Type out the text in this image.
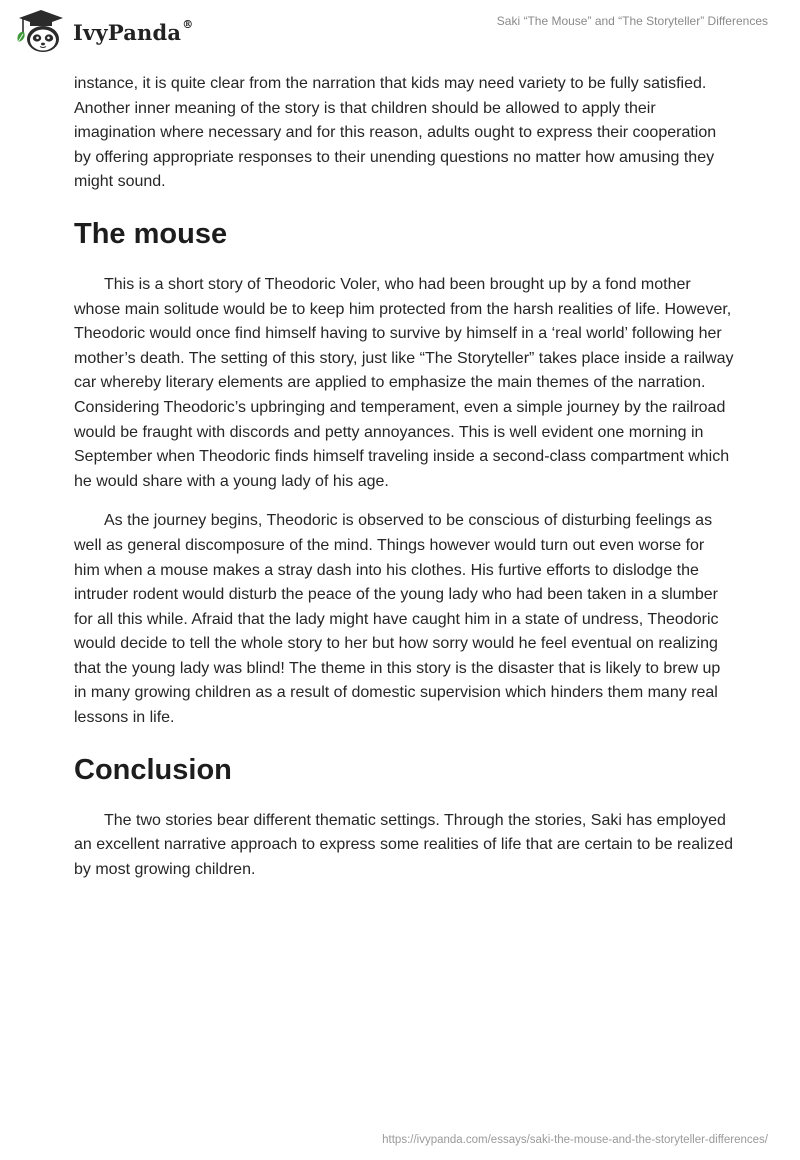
IvyPanda®	Saki “The Mouse” and “The Storyteller” Differences

instance, it is quite clear from the narration that kids may need variety to be fully satisfied. Another inner meaning of the story is that children should be allowed to apply their imagination where necessary and for this reason, adults ought to express their cooperation by offering appropriate responses to their unending questions no matter how amusing they might sound.

The mouse

This is a short story of Theodoric Voler, who had been brought up by a fond mother whose main solitude would be to keep him protected from the harsh realities of life. However, Theodoric would once find himself having to survive by himself in a ‘real world’ following her mother’s death. The setting of this story, just like “The Storyteller” takes place inside a railway car whereby literary elements are applied to emphasize the main themes of the narration. Considering Theodoric’s upbringing and temperament, even a simple journey by the railroad would be fraught with discords and petty annoyances. This is well evident one morning in September when Theodoric finds himself traveling inside a second-class compartment which he would share with a young lady of his age.

As the journey begins, Theodoric is observed to be conscious of disturbing feelings as well as general discomposure of the mind. Things however would turn out even worse for him when a mouse makes a stray dash into his clothes. His furtive efforts to dislodge the intruder rodent would disturb the peace of the young lady who had been taken in a slumber for all this while. Afraid that the lady might have caught him in a state of undress, Theodoric would decide to tell the whole story to her but how sorry would he feel eventual on realizing that the young lady was blind! The theme in this story is the disaster that is likely to brew up in many growing children as a result of domestic supervision which hinders them many real lessons in life.

Conclusion

The two stories bear different thematic settings. Through the stories, Saki has employed an excellent narrative approach to express some realities of life that are certain to be realized by most growing children.

https://ivypanda.com/essays/saki-the-mouse-and-the-storyteller-differences/
